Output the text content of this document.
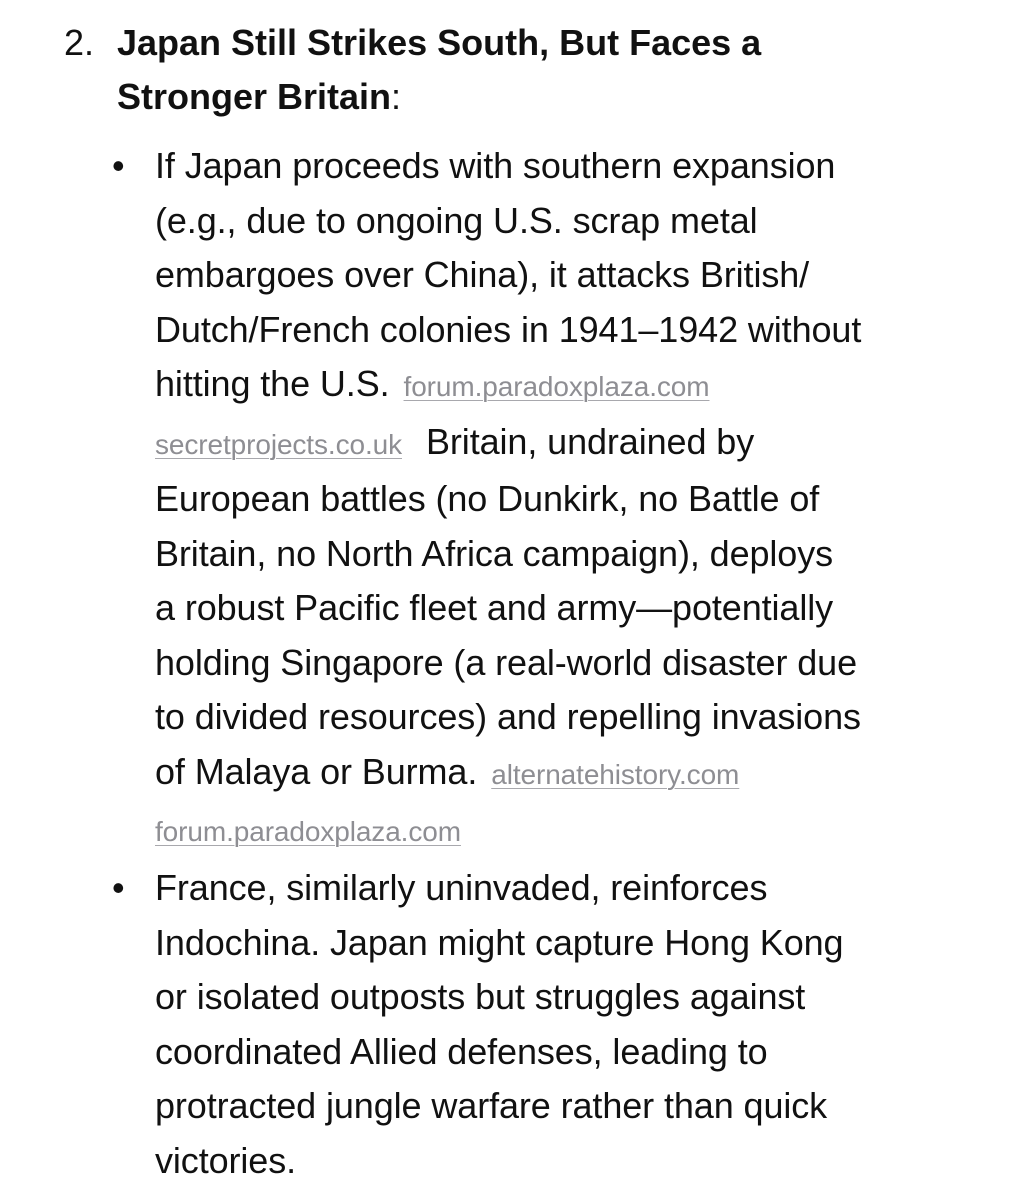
2. Japan Still Strikes South, But Faces a
Stronger Britain:
• If Japan proceeds with southern expansion
(e.g., due to ongoing U.S. scrap metal
embargoes over China), it attacks British/
Dutch/French colonies in 1941–1942 without
hitting the U.S. forum.paradoxplaza.com
secretprojects.co.uk Britain, undrained by
European battles (no Dunkirk, no Battle of
Britain, no North Africa campaign), deploys
a robust Pacific fleet and army—potentially
holding Singapore (a real-world disaster due
to divided resources) and repelling invasions
of Malaya or Burma. alternatehistory.com
forum.paradoxplaza.com
• France, similarly uninvaded, reinforces
Indochina. Japan might capture Hong Kong
or isolated outposts but struggles against
coordinated Allied defenses, leading to
protracted jungle warfare rather than quick
victories.
